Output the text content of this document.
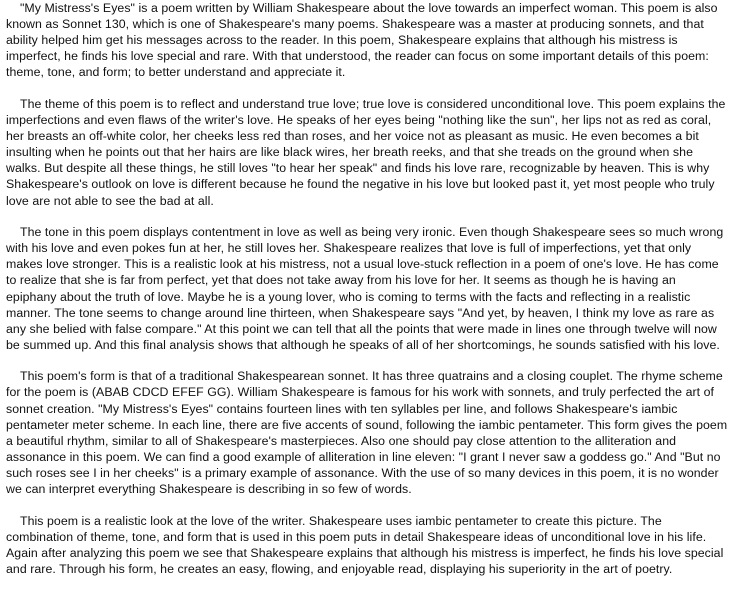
"My Mistress's Eyes" is a poem written by William Shakespeare about the love towards an imperfect woman. This poem is also known as Sonnet 130, which is one of Shakespeare's many poems. Shakespeare was a master at producing sonnets, and that ability helped him get his messages across to the reader. In this poem, Shakespeare explains that although his mistress is imperfect, he finds his love special and rare. With that understood, the reader can focus on some important details of this poem: theme, tone, and form; to better understand and appreciate it.

The theme of this poem is to reflect and understand true love; true love is considered unconditional love. This poem explains the imperfections and even flaws of the writer's love. He speaks of her eyes being "nothing like the sun", her lips not as red as coral, her breasts an off-white color, her cheeks less red than roses, and her voice not as pleasant as music. He even becomes a bit insulting when he points out that her hairs are like black wires, her breath reeks, and that she treads on the ground when she walks. But despite all these things, he still loves "to hear her speak" and finds his love rare, recognizable by heaven. This is why Shakespeare's outlook on love is different because he found the negative in his love but looked past it, yet most people who truly love are not able to see the bad at all.

The tone in this poem displays contentment in love as well as being very ironic. Even though Shakespeare sees so much wrong with his love and even pokes fun at her, he still loves her. Shakespeare realizes that love is full of imperfections, yet that only makes love stronger. This is a realistic look at his mistress, not a usual love-stuck reflection in a poem of one's love. He has come to realize that she is far from perfect, yet that does not take away from his love for her. It seems as though he is having an epiphany about the truth of love. Maybe he is a young lover, who is coming to terms with the facts and reflecting in a realistic manner. The tone seems to change around line thirteen, when Shakespeare says "And yet, by heaven, I think my love as rare as any she belied with false compare." At this point we can tell that all the points that were made in lines one through twelve will now be summed up. And this final analysis shows that although he speaks of all of her shortcomings, he sounds satisfied with his love.

This poem's form is that of a traditional Shakespearean sonnet. It has three quatrains and a closing couplet. The rhyme scheme for the poem is (ABAB CDCD EFEF GG). William Shakespeare is famous for his work with sonnets, and truly perfected the art of sonnet creation. "My Mistress's Eyes" contains fourteen lines with ten syllables per line, and follows Shakespeare's iambic pentameter meter scheme. In each line, there are five accents of sound, following the iambic pentameter. This form gives the poem a beautiful rhythm, similar to all of Shakespeare's masterpieces. Also one should pay close attention to the alliteration and assonance in this poem. We can find a good example of alliteration in line eleven: "I grant I never saw a goddess go." And "But no such roses see I in her cheeks" is a primary example of assonance. With the use of so many devices in this poem, it is no wonder we can interpret everything Shakespeare is describing in so few of words.

This poem is a realistic look at the love of the writer. Shakespeare uses iambic pentameter to create this picture. The combination of theme, tone, and form that is used in this poem puts in detail Shakespeare ideas of unconditional love in his life. Again after analyzing this poem we see that Shakespeare explains that although his mistress is imperfect, he finds his love special and rare. Through his form, he creates an easy, flowing, and enjoyable read, displaying his superiority in the art of poetry.
